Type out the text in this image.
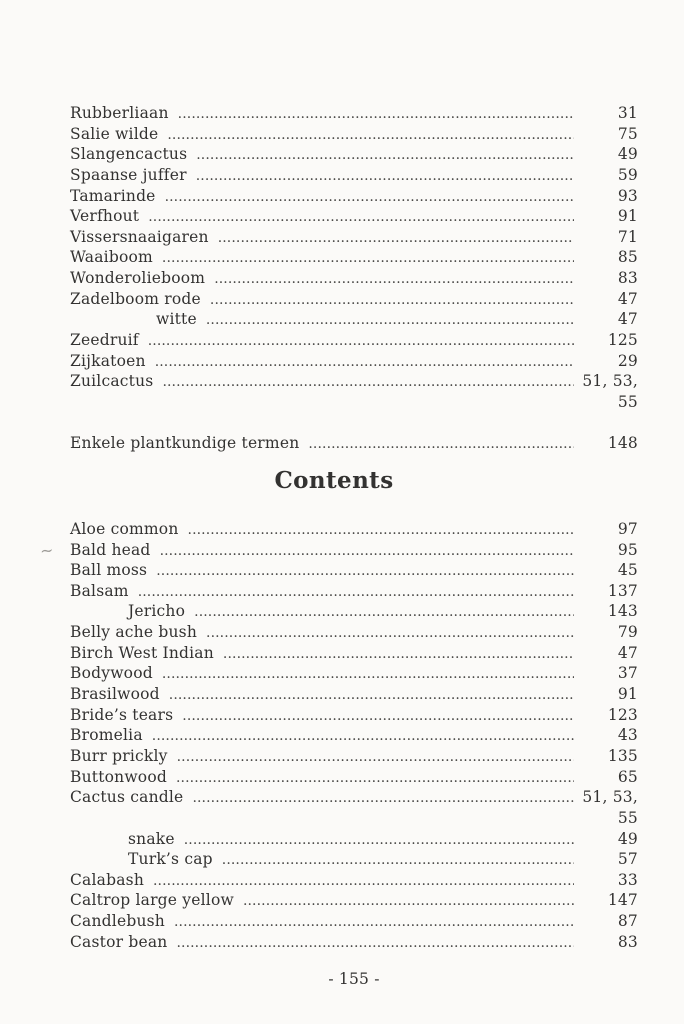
~
Rubberliaan .....	31
Salie wilde .....	75
Slangencactus .....	49
Spaanse juffer .....	59
Tamarinde .....	93
Verfhout .....	91
Vissersnaaigaren .....	71
Waaiboom .....	85
Wonderolieboom .....	83
Zadelboom rode .....	47
witte .....	47
Zeedruif .....	125
Zijkatoen .....	29
Zuilcactus .....	51, 53,
55
Enkele plantkundige termen .....	148
Contents
Aloe common .....	97
Bald head .....	95
Ball moss .....	45
Balsam .....	137
Jericho .....	143
Belly ache bush .....	79
Birch West Indian .....	47
Bodywood .....	37
Brasilwood .....	91
Bride’s tears .....	123
Bromelia .....	43
Burr prickly .....	135
Buttonwood .....	65
Cactus candle .....	51, 53,
55
snake .....	49
Turk’s cap .....	57
Calabash .....	33
Caltrop large yellow .....	147
Candlebush .....	87
Castor bean .....	83
- 155 -
